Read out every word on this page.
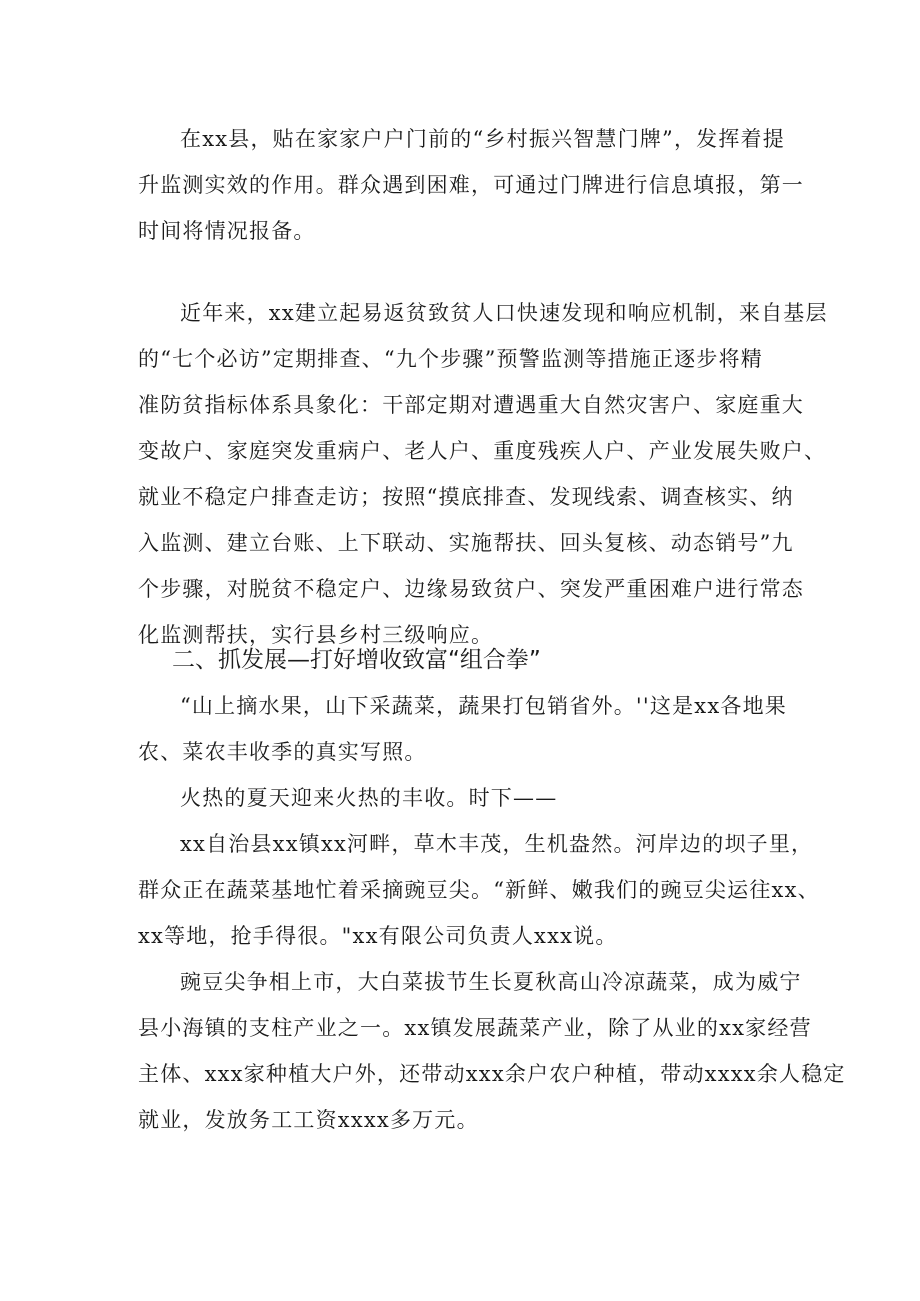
在xx县，贴在家家户户门前的“乡村振兴智慧门牌”，发挥着提
升监测实效的作用。群众遇到困难，可通过门牌进行信息填报，第一
时间将情况报备。
近年来，xx建立起易返贫致贫人口快速发现和响应机制，来自基层
的“七个必访”定期排查、“九个步骤”预警监测等措施正逐步将精
准防贫指标体系具象化：干部定期对遭遇重大自然灾害户、家庭重大
变故户、家庭突发重病户、老人户、重度残疾人户、产业发展失败户、
就业不稳定户排查走访；按照“摸底排查、发现线索、调查核实、纳
入监测、建立台账、上下联动、实施帮扶、回头复核、动态销号”九
个步骤，对脱贫不稳定户、边缘易致贫户、突发严重困难户进行常态
化监测帮扶，实行县乡村三级响应。
二、抓发展—打好增收致富“组合拳”
“山上摘水果，山下采蔬菜，蔬果打包销省外。''这是xx各地果
农、菜农丰收季的真实写照。
火热的夏天迎来火热的丰收。时下——
xx自治县xx镇xx河畔，草木丰茂，生机盎然。河岸边的坝子里，
群众正在蔬菜基地忙着采摘豌豆尖。“新鲜、嫩我们的豌豆尖运往xx、
xx等地，抢手得很。"xx有限公司负责人xxx说。
豌豆尖争相上市，大白菜拔节生长夏秋高山冷凉蔬菜，成为威宁
县小海镇的支柱产业之一。xx镇发展蔬菜产业，除了从业的xx家经营
主体、xxx家种植大户外，还带动xxx余户农户种植，带动xxxx余人稳定
就业，发放务工工资xxxx多万元。
